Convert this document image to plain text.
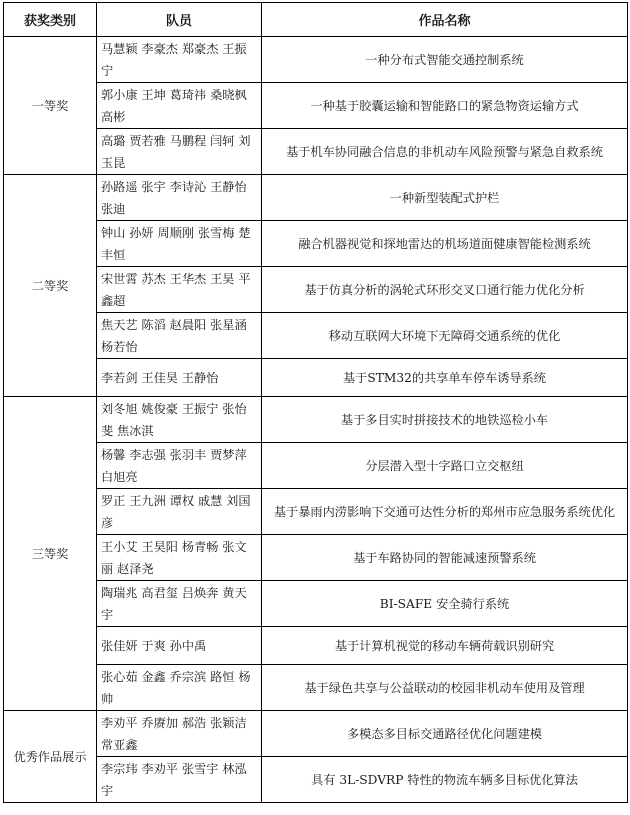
获奖类别	队员	作品名称
一等奖	马慧颖 李豪杰 郑豪杰 王振宁	一种分布式智能交通控制系统
	郭小康 王坤 葛琦祎 桑晓枫 高彬	一种基于胶囊运输和智能路口的紧急物资运输方式
	高璐 贾若雅 马鹏程 闫轲 刘玉昆	基于机车协同融合信息的非机动车风险预警与紧急自救系统
二等奖	孙路遥 张宇 李诗沁 王静怡 张迪	一种新型装配式护栏
	钟山 孙妍 周顺刚 张雪梅 楚丰恒	融合机器视觉和探地雷达的机场道面健康智能检测系统
	宋世霄 苏杰 王华杰 王昊 平鑫超	基于仿真分析的涡轮式环形交叉口通行能力优化分析
	焦天艺 陈滔 赵晨阳 张星涵 杨若怡	移动互联网大环境下无障碍交通系统的优化
	李若剑 王佳昊 王静怡	基于STM32的共享单车停车诱导系统
三等奖	刘冬旭 姚俊豪 王振宁 张怡斐 焦冰淇	基于多目实时拼接技术的地铁巡检小车
	杨馨 李志强 张羽丰 贾梦萍 白旭亮	分层潜入型十字路口立交枢纽
	罗正 王九洲 谭权 戚慧 刘国彦	基于暴雨内涝影响下交通可达性分析的郑州市应急服务系统优化
	王小艾 王昊阳 杨青畅 张文丽 赵泽尧	基于车路协同的智能减速预警系统
	陶瑞兆 高君玺 吕焕奔 黄天宇	BI-SAFE 安全骑行系统
	张佳妍 于爽 孙中禹	基于计算机视觉的移动车辆荷载识别研究
	张心茹 金鑫 乔宗滨 路恒 杨帅	基于绿色共享与公益联动的校园非机动车使用及管理
优秀作品展示	李劝平 乔赓加 郝浩 张颖洁 常亚鑫	多模态多目标交通路径优化问题建模
	李宗玮 李劝平 张雪宇 林泓宇	具有 3L-SDVRP 特性的物流车辆多目标优化算法
